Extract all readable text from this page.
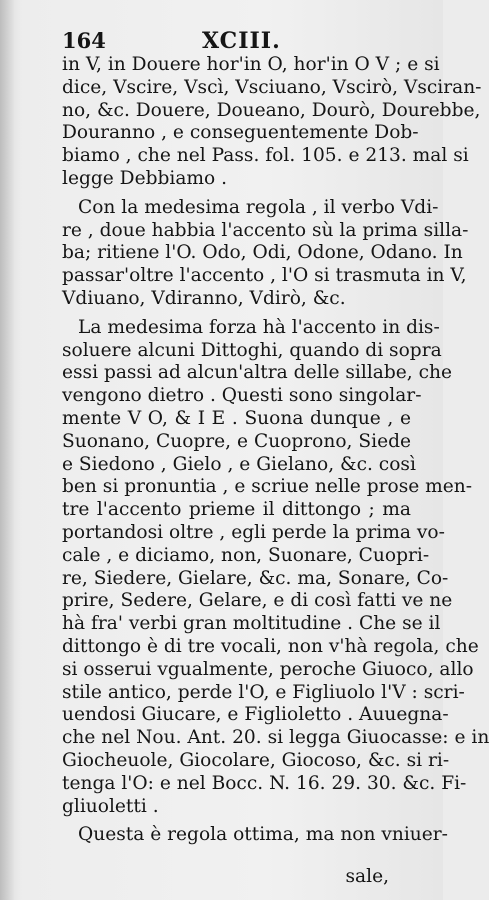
164	XCIII.
in V, in Douere hor'in O, hor'in O V ; e si
dice, Vscire, Vscì, Vsciuano, Vscirò, Vsciran-
no, &c. Douere, Doueano, Dourò, Dourebbe,
Douranno , e conseguentemente Dob-
biamo , che nel Pass. fol. 105. e 213. mal si
legge Debbiamo .
Con la medesima regola , il verbo Vdi-
re , doue habbia l'accento sù la prima silla-
ba; ritiene l'O. Odo, Odi, Odone, Odano. In
passar'oltre l'accento , l'O si trasmuta in V,
Vdiuano, Vdiranno, Vdirò, &c.
La medesima forza hà l'accento in dis-
soluere alcuni Dittoghi, quando di sopra
essi passi ad alcun'altra delle sillabe, che
vengono dietro . Questi sono singolar-
mente V O, & I E . Suona dunque , e
Suonano, Cuopre, e Cuoprono, Siede
e Siedono , Gielo , e Gielano, &c. così
ben si pronuntia , e scriue nelle prose men-
tre l'accento prieme il dittongo ; ma
portandosi oltre , egli perde la prima vo-
cale , e diciamo, non, Suonare, Cuopri-
re, Siedere, Gielare, &c. ma, Sonare, Co-
prire, Sedere, Gelare, e di così fatti ve ne
hà fra' verbi gran moltitudine . Che se il
dittongo è di tre vocali, non v'hà regola, che
si osserui vgualmente, peroche Giuoco, allo
stile antico, perde l'O, e Figliuolo l'V : scri-
uendosi Giucare, e Figlioletto . Auuegna-
che nel Nou. Ant. 20. si legga Giuocasse: e in
Giocheuole, Giocolare, Giocoso, &c. si ri-
tenga l'O: e nel Bocc. N. 16. 29. 30. &c. Fi-
gliuoletti .
Questa è regola ottima, ma non vniuer-
sale,
